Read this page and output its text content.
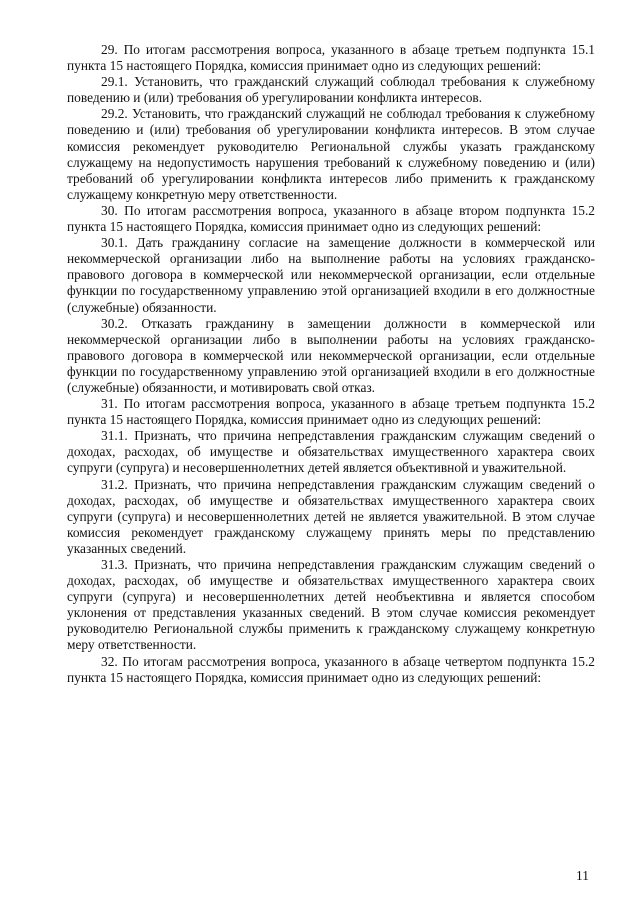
29. По итогам рассмотрения вопроса, указанного в абзаце третьем подпункта 15.1 пункта 15 настоящего Порядка, комиссия принимает одно из следующих решений:

29.1. Установить, что гражданский служащий соблюдал требования к служебному поведению и (или) требования об урегулировании конфликта интересов.

29.2. Установить, что гражданский служащий не соблюдал требования к служебному поведению и (или) требования об урегулировании конфликта интересов. В этом случае комиссия рекомендует руководителю Региональной службы указать гражданскому служащему на недопустимость нарушения требований к служебному поведению и (или) требований об урегулировании конфликта интересов либо применить к гражданскому служащему конкретную меру ответственности.

30. По итогам рассмотрения вопроса, указанного в абзаце втором подпункта 15.2 пункта 15 настоящего Порядка, комиссия принимает одно из следующих решений:

30.1. Дать гражданину согласие на замещение должности в коммерческой или некоммерческой организации либо на выполнение работы на условиях гражданско-правового договора в коммерческой или некоммерческой организации, если отдельные функции по государственному управлению этой организацией входили в его должностные (служебные) обязанности.

30.2. Отказать гражданину в замещении должности в коммерческой или некоммерческой организации либо в выполнении работы на условиях гражданско-правового договора в коммерческой или некоммерческой организации, если отдельные функции по государственному управлению этой организацией входили в его должностные (служебные) обязанности, и мотивировать свой отказ.

31. По итогам рассмотрения вопроса, указанного в абзаце третьем подпункта 15.2 пункта 15 настоящего Порядка, комиссия принимает одно из следующих решений:

31.1. Признать, что причина непредставления гражданским служащим сведений о доходах, расходах, об имуществе и обязательствах имущественного характера своих супруги (супруга) и несовершеннолетних детей является объективной и уважительной.

31.2. Признать, что причина непредставления гражданским служащим сведений о доходах, расходах, об имуществе и обязательствах имущественного характера своих супруги (супруга) и несовершеннолетних детей не является уважительной. В этом случае комиссия рекомендует гражданскому служащему принять меры по представлению указанных сведений.

31.3. Признать, что причина непредставления гражданским служащим сведений о доходах, расходах, об имуществе и обязательствах имущественного характера своих супруги (супруга) и несовершеннолетних детей необъективна и является способом уклонения от представления указанных сведений. В этом случае комиссия рекомендует руководителю Региональной службы применить к гражданскому служащему конкретную меру ответственности.

32. По итогам рассмотрения вопроса, указанного в абзаце четвертом подпункта 15.2 пункта 15 настоящего Порядка, комиссия принимает одно из следующих решений:

11
